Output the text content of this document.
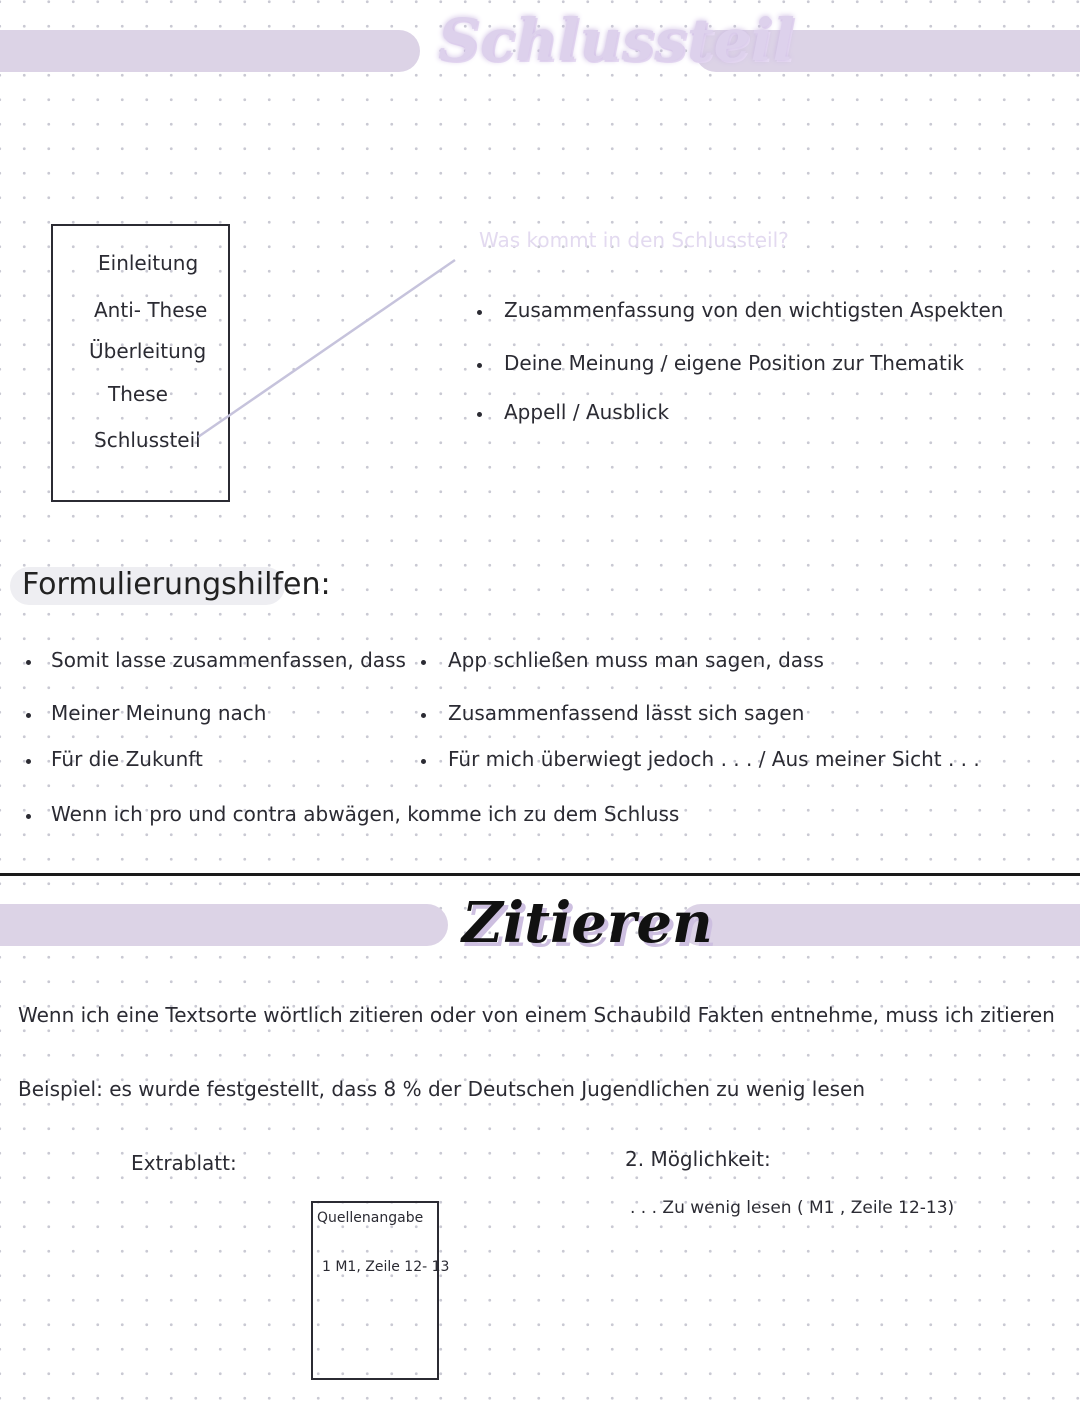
Schlussteil
Einleitung
Anti- These
Überleitung
These
Schlussteil
Was kommt in den Schlussteil?
Zusammenfassung von den wichtigsten Aspekten
Deine Meinung / eigene Position zur Thematik
Appell / Ausblick
Formulierungshilfen:
Somit lasse zusammenfassen, dass
Meiner Meinung nach
Für die Zukunft
App schließen muss man sagen, dass
Zusammenfassend lässt sich sagen
Für mich überwiegt jedoch . . . / Aus meiner Sicht . . .
Wenn ich pro und contra abwägen, komme ich zu dem Schluss
Zitieren
Wenn ich eine Textsorte wörtlich zitieren oder von einem Schaubild Fakten entnehme, muss ich zitieren
Beispiel: es wurde festgestellt, dass 8 % der Deutschen Jugendlichen zu wenig lesen
Extrablatt:
Quellenangabe
1 M1, Zeile 12- 13
2. Möglichkeit:
. . . Zu wenig lesen ( M1 , Zeile 12-13)
